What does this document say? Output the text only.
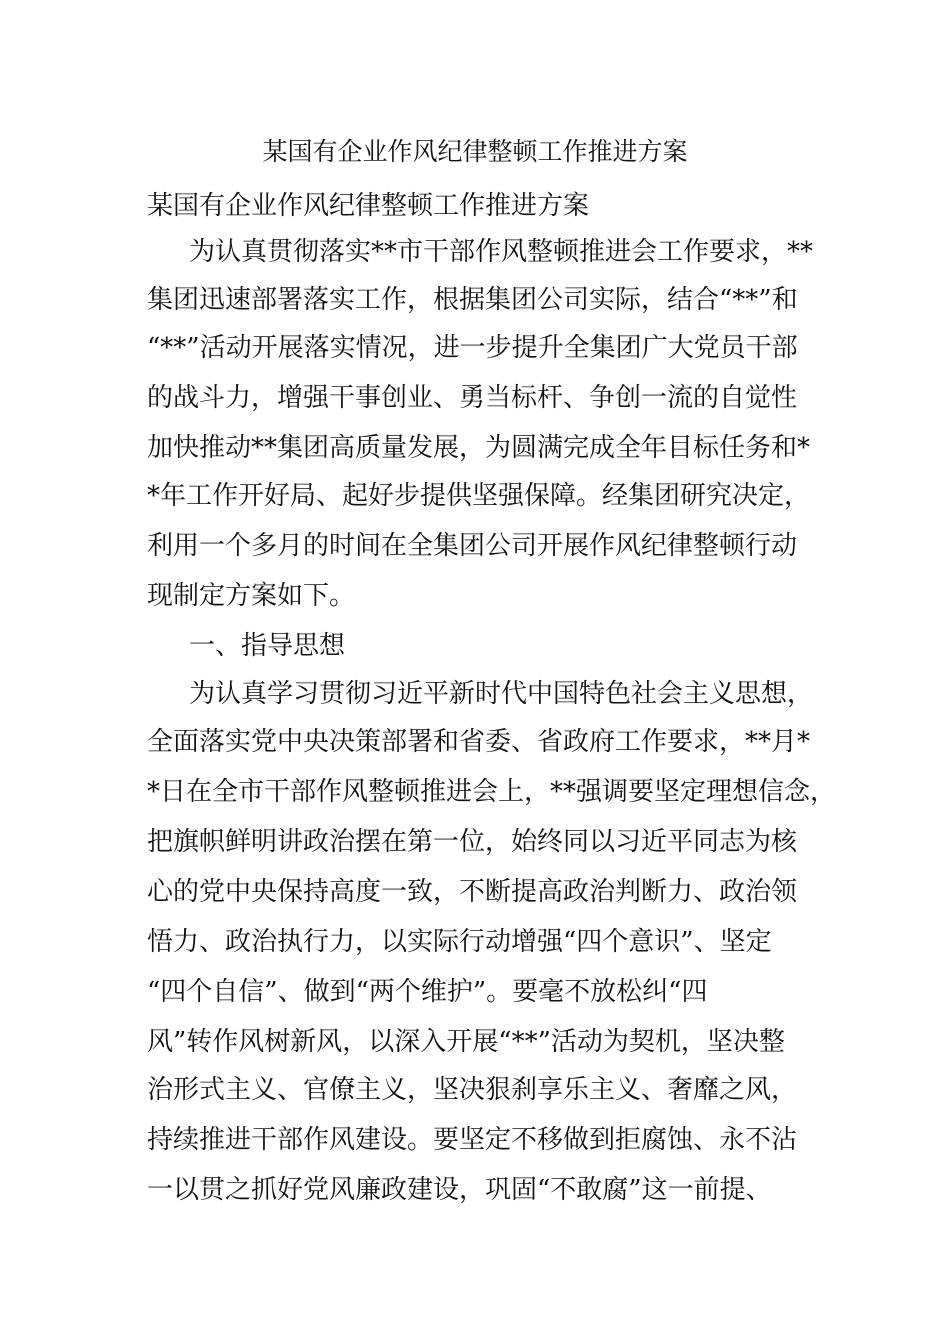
某国有企业作风纪律整顿工作推进方案
某国有企业作风纪律整顿工作推进方案
为认真贯彻落实**市干部作风整顿推进会工作要求，**
集团迅速部署落实工作，根据集团公司实际，结合“**”和
“**”活动开展落实情况，进一步提升全集团广大党员干部
的战斗力，增强干事创业、勇当标杆、争创一流的自觉性
加快推动**集团高质量发展，为圆满完成全年目标任务和*
*年工作开好局、起好步提供坚强保障。经集团研究决定，
利用一个多月的时间在全集团公司开展作风纪律整顿行动
现制定方案如下。
一、指导思想
为认真学习贯彻习近平新时代中国特色社会主义思想，
全面落实党中央决策部署和省委、省政府工作要求，**月*
*日在全市干部作风整顿推进会上，**强调要坚定理想信念，
把旗帜鲜明讲政治摆在第一位，始终同以习近平同志为核
心的党中央保持高度一致，不断提高政治判断力、政治领
悟力、政治执行力，以实际行动增强“四个意识”、坚定
“四个自信”、做到“两个维护”。要毫不放松纠“四
风”转作风树新风，以深入开展“**”活动为契机，坚决整
治形式主义、官僚主义，坚决狠刹享乐主义、奢靡之风，
持续推进干部作风建设。要坚定不移做到拒腐蚀、永不沾
一以贯之抓好党风廉政建设，巩固“不敢腐”这一前提、
